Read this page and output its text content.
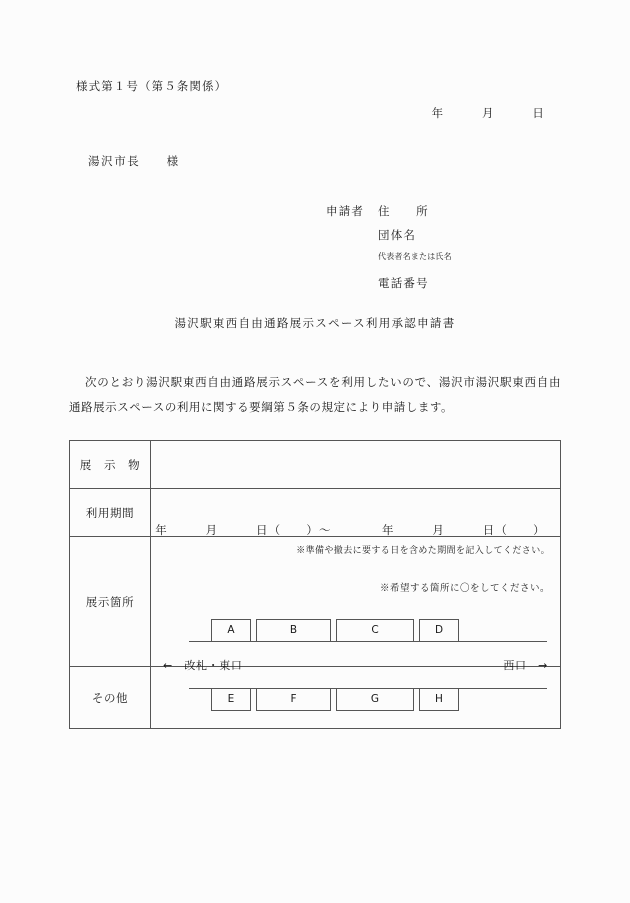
様式第１号（第５条関係）
年　　　月　　　日
湯沢市長　　様
申請者	住　　所
団体名
代表者名または氏名
電話番号
湯沢駅東西自由通路展示スペース利用承認申請書
次のとおり湯沢駅東西自由通路展示スペースを利用したいので、湯沢市湯沢駅東西自由通路展示スペースの利用に関する要綱第５条の規定により申請します。
展　示　物	
利用期間	年　　　月　　　日（　　）〜　　　　年　　　月　　　日（　　）
※準備や撤去に要する日を含めた期間を記入してください。

展示箇所	
A	B	C	D
E	F	G	H
←　改札・東口	西口　→
※希望する箇所に〇をしてください。

その他	
